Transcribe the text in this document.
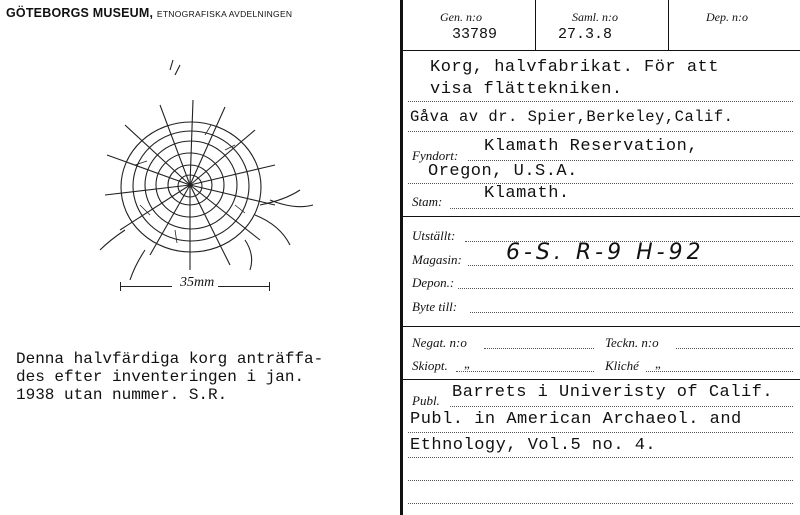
GÖTEBORGS MUSEUM, ETNOGRAFISKA AVDELNINGEN
35mm
Denna halvfärdiga korg anträffa-
des efter inventeringen i jan.
1938 utan nummer. S.R.
Gen. n:o
33789
Saml. n:o
27.3.8
Dep. n:o
Korg, halvfabrikat. För att
visa flättekniken.
Gåva av dr. Spier,Berkeley,Calif.
Fyndort: Klamath Reservation,
Oregon, U.S.A.
Stam: Klamath.
Utställt:
Magasin: 6-S. R-9 H-92
Depon.:
Byte till:
Negat. n:o	Teckn. n:o
Skiopt. „	Kliché „
Publ. Barrets i Univeristy of Calif.
Publ. in American Archaeol. and
Ethnology, Vol.5 no. 4.
